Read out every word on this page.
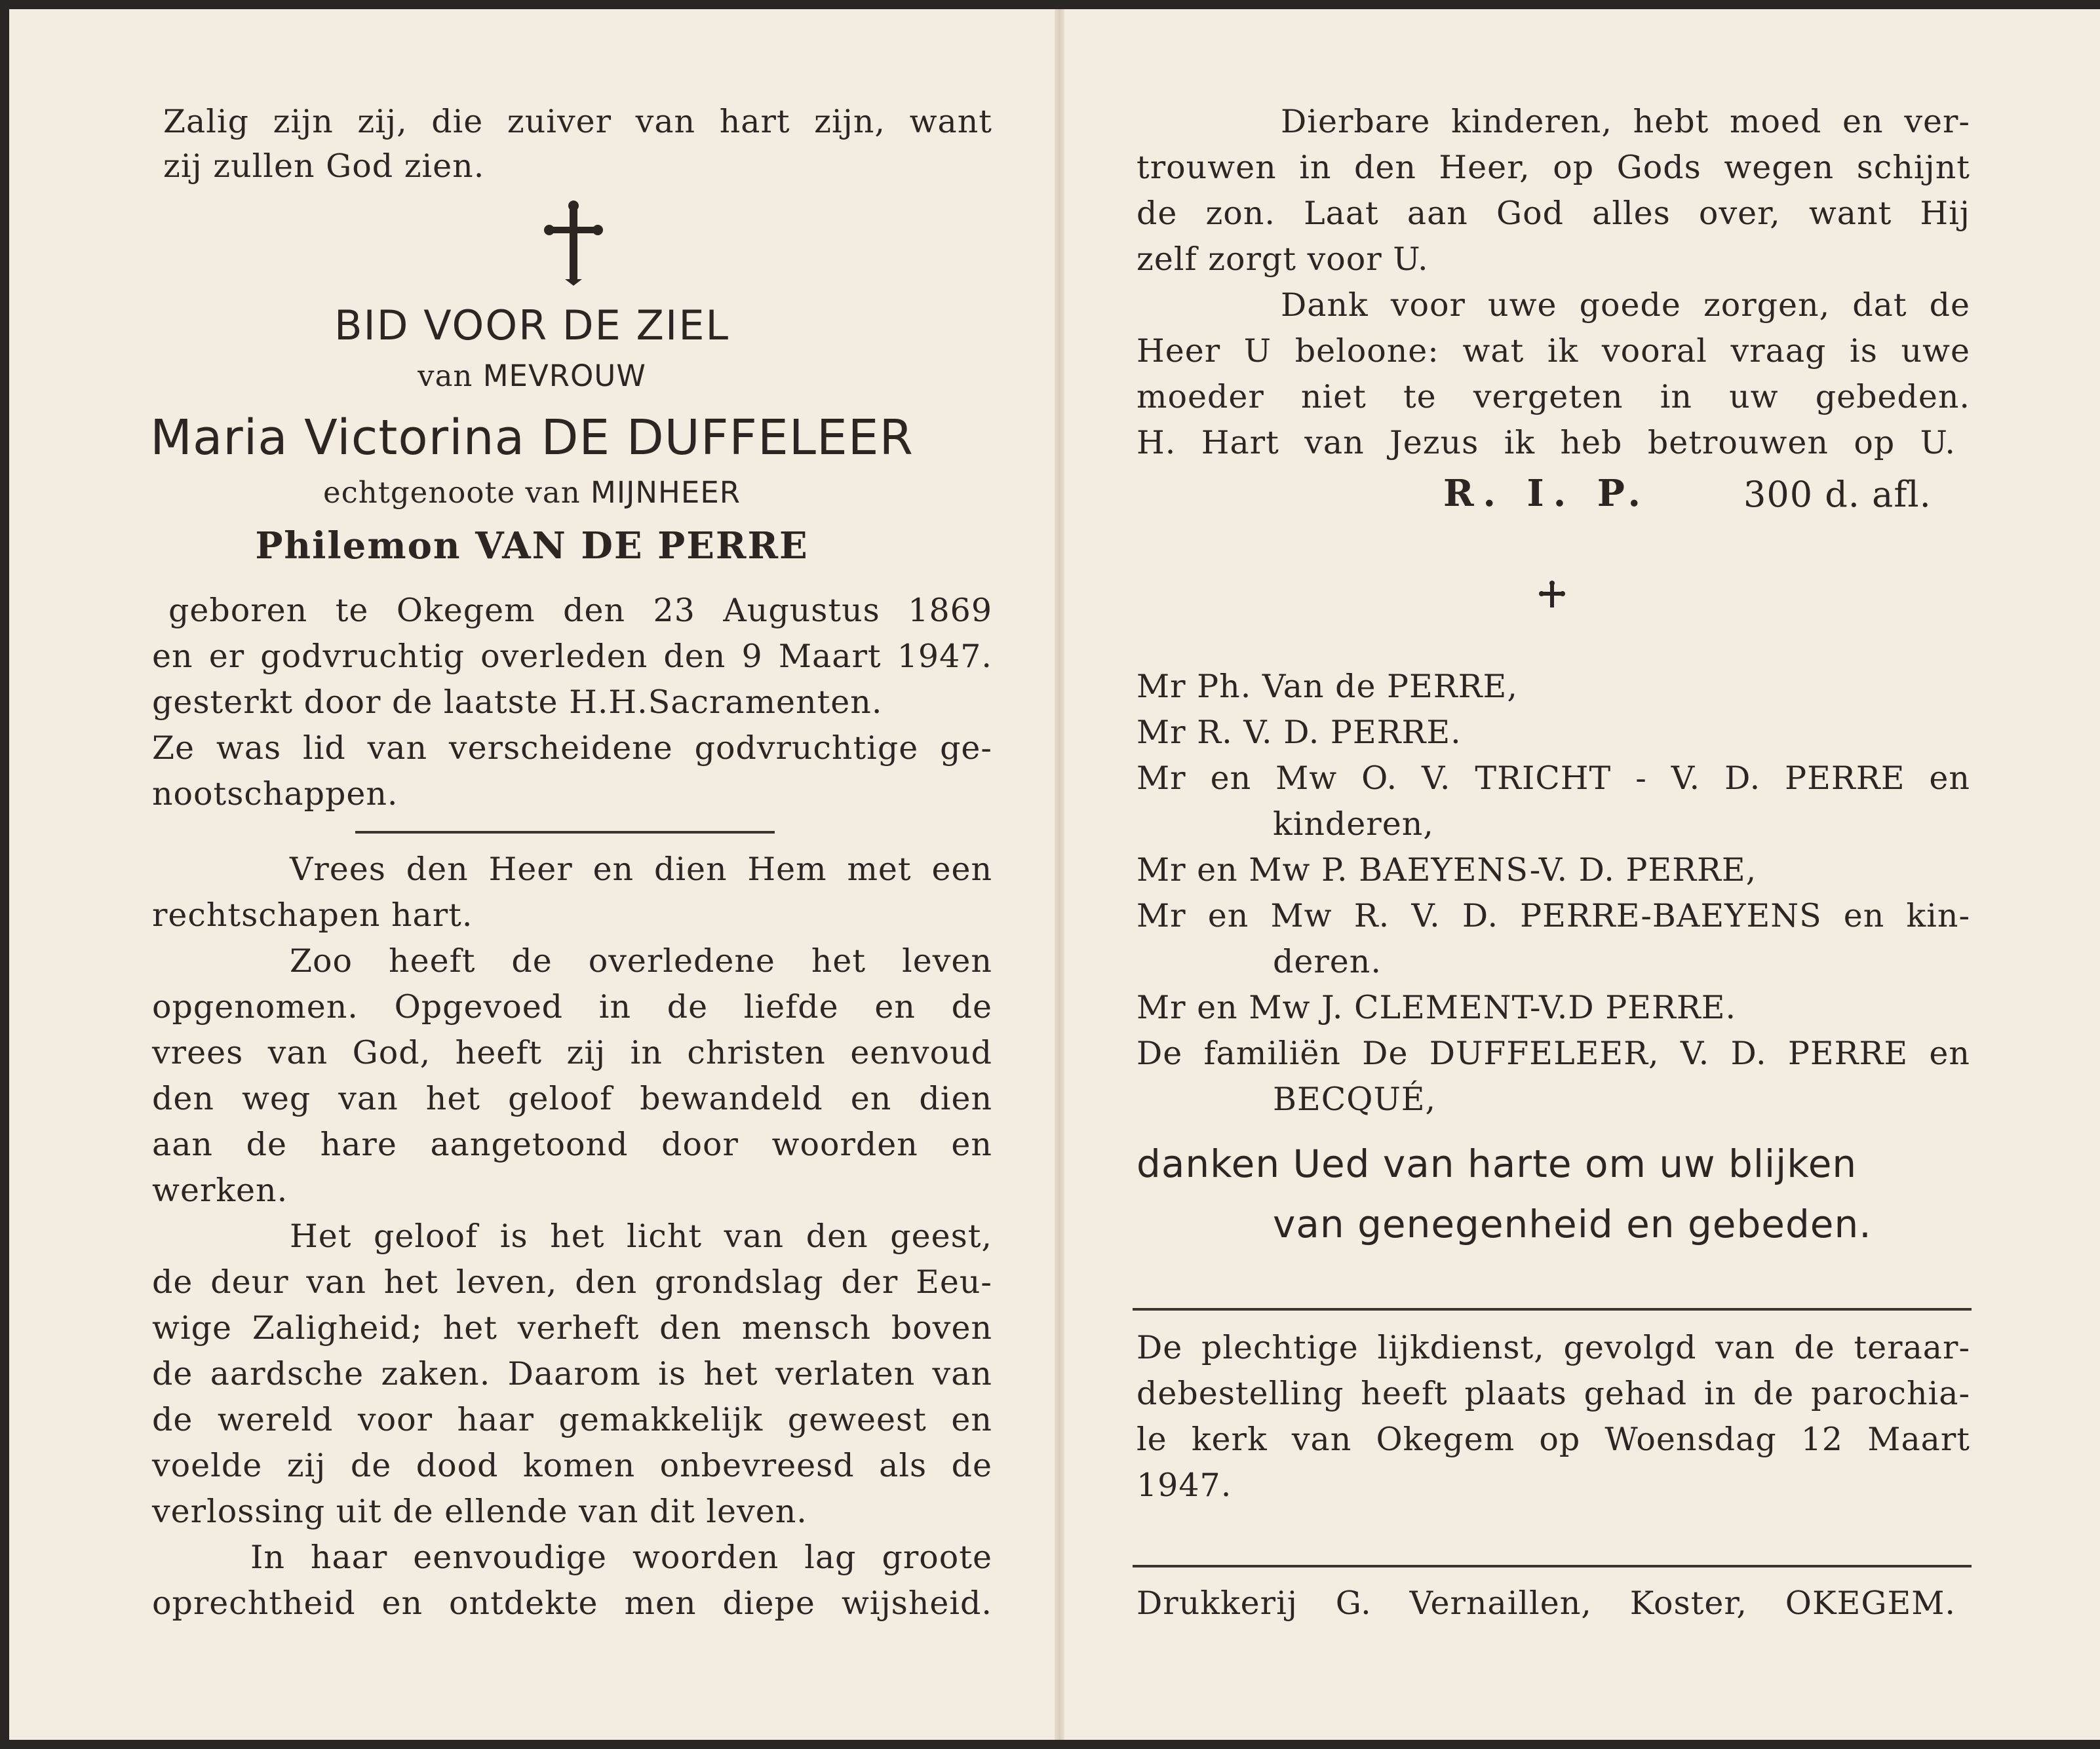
Zalig zijn zij, die zuiver van hart zijn, want
zij zullen God zien.
BID VOOR DE ZIEL
van MEVROUW
Maria Victorina DE DUFFELEER
echtgenoote van MIJNHEER
Philemon VAN DE PERRE
geboren te Okegem den 23 Augustus 1869
en er godvruchtig overleden den 9 Maart 1947.
gesterkt door de laatste H.H.Sacramenten.
Ze was lid van verscheidene godvruchtige ge-
nootschappen.
Vrees den Heer en dien Hem met een
rechtschapen hart.
Zoo heeft de overledene het leven
opgenomen. Opgevoed in de liefde en de
vrees van God, heeft zij in christen eenvoud
den weg van het geloof bewandeld en dien
aan de hare aangetoond door woorden en
werken.
Het geloof is het licht van den geest,
de deur van het leven, den grondslag der Eeu-
wige Zaligheid; het verheft den mensch boven
de aardsche zaken. Daarom is het verlaten van
de wereld voor haar gemakkelijk geweest en
voelde zij de dood komen onbevreesd als de
verlossing uit de ellende van dit leven.
In haar eenvoudige woorden lag groote
oprechtheid en ontdekte men diepe wijsheid.
Dierbare kinderen, hebt moed en ver-
trouwen in den Heer, op Gods wegen schijnt
de zon. Laat aan God alles over, want Hij
zelf zorgt voor U.
Dank voor uwe goede zorgen, dat de
Heer U beloone: wat ik vooral vraag is uwe
moeder niet te vergeten in uw gebeden.
H. Hart van Jezus ik heb betrouwen op U.
R. I. P.	300 d. afl.
Mr Ph. Van de PERRE,
Mr R. V. D. PERRE.
Mr en Mw O. V. TRICHT - V. D. PERRE en
kinderen,
Mr en Mw P. BAEYENS-V. D. PERRE,
Mr en Mw R. V. D. PERRE-BAEYENS en kin-
deren.
Mr en Mw J. CLEMENT-V.D PERRE.
De familiën De DUFFELEER, V. D. PERRE en
BECQUÉ,
danken Ued van harte om uw blijken
van genegenheid en gebeden.
De plechtige lijkdienst, gevolgd van de teraar-
debestelling heeft plaats gehad in de parochia-
le kerk van Okegem op Woensdag 12 Maart
1947.
Drukkerij G. Vernaillen, Koster, OKEGEM.
